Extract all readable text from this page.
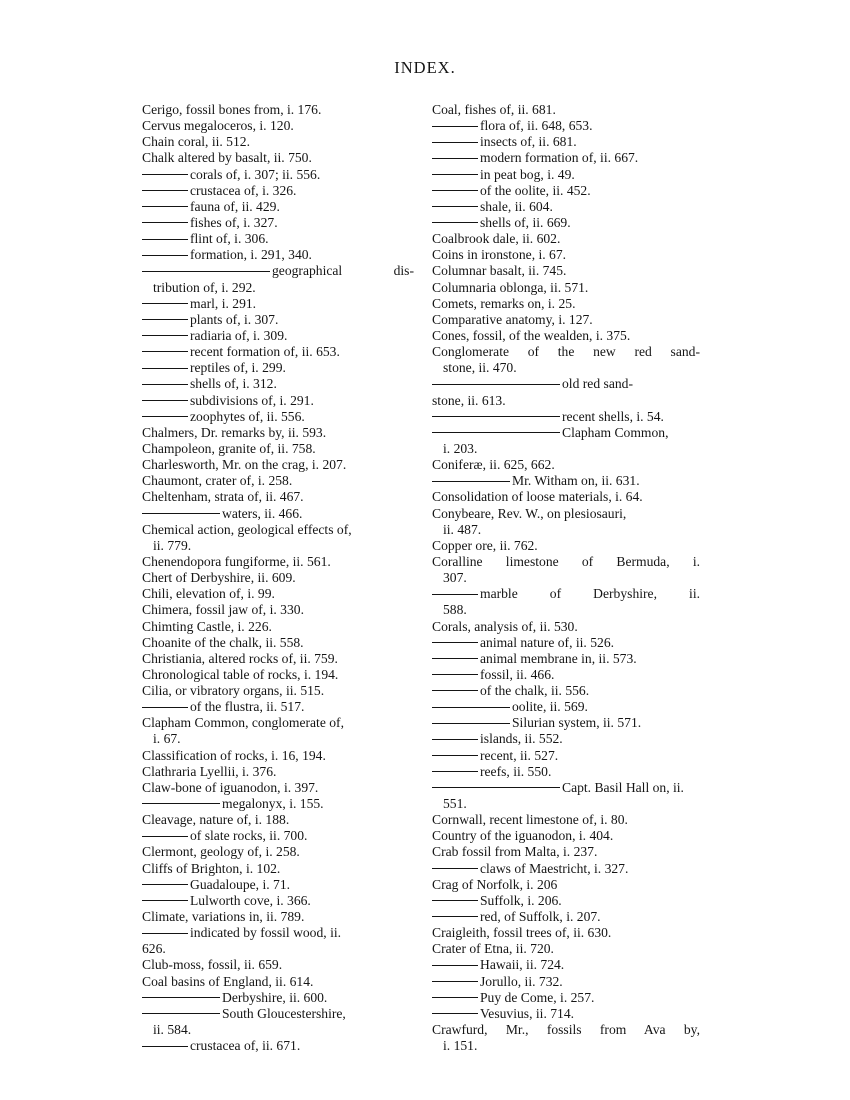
INDEX.
Cerigo, fossil bones from, i. 176.
Cervus megaloceros, i. 120.
Chain coral, ii. 512.
Chalk altered by basalt, ii. 750.
corals of, i. 307; ii. 556.
crustacea of, i. 326.
fauna of, ii. 429.
fishes of, i. 327.
flint of, i. 306.
formation, i. 291, 340.
geographical dis-
tribution of, i. 292.
marl, i. 291.
plants of, i. 307.
radiaria of, i. 309.
recent formation of, ii. 653.
reptiles of, i. 299.
shells of, i. 312.
subdivisions of, i. 291.
zoophytes of, ii. 556.
Chalmers, Dr. remarks by, ii. 593.
Champoleon, granite of, ii. 758.
Charlesworth, Mr. on the crag, i. 207.
Chaumont, crater of, i. 258.
Cheltenham, strata of, ii. 467.
waters, ii. 466.
Chemical action, geological effects of,
ii. 779.
Chenendopora fungiforme, ii. 561.
Chert of Derbyshire, ii. 609.
Chili, elevation of, i. 99.
Chimera, fossil jaw of, i. 330.
Chimting Castle, i. 226.
Choanite of the chalk, ii. 558.
Christiania, altered rocks of, ii. 759.
Chronological table of rocks, i. 194.
Cilia, or vibratory organs, ii. 515.
of the flustra, ii. 517.
Clapham Common, conglomerate of,
i. 67.
Classification of rocks, i. 16, 194.
Clathraria Lyellii, i. 376.
Claw-bone of iguanodon, i. 397.
megalonyx, i. 155.
Cleavage, nature of, i. 188.
of slate rocks, ii. 700.
Clermont, geology of, i. 258.
Cliffs of Brighton, i. 102.
Guadaloupe, i. 71.
Lulworth cove, i. 366.
Climate, variations in, ii. 789.
indicated by fossil wood, ii.
626.
Club-moss, fossil, ii. 659.
Coal basins of England, ii. 614.
Derbyshire, ii. 600.
South Gloucestershire,
ii. 584.
crustacea of, ii. 671.
Coal, fishes of, ii. 681.
flora of, ii. 648, 653.
insects of, ii. 681.
modern formation of, ii. 667.
in peat bog, i. 49.
of the oolite, ii. 452.
shale, ii. 604.
shells of, ii. 669.
Coalbrook dale, ii. 602.
Coins in ironstone, i. 67.
Columnar basalt, ii. 745.
Columnaria oblonga, ii. 571.
Comets, remarks on, i. 25.
Comparative anatomy, i. 127.
Cones, fossil, of the wealden, i. 375.
Conglomerate of the new red sand-
stone, ii. 470.
old red sand-
stone, ii. 613.
recent shells, i. 54.
Clapham Common,
i. 203.
Coniferæ, ii. 625, 662.
Mr. Witham on, ii. 631.
Consolidation of loose materials, i. 64.
Conybeare, Rev. W., on plesiosauri,
ii. 487.
Copper ore, ii. 762.
Coralline limestone of Bermuda, i.
307.
marble of Derbyshire, ii.
588.
Corals, analysis of, ii. 530.
animal nature of, ii. 526.
animal membrane in, ii. 573.
fossil, ii. 466.
of the chalk, ii. 556.
oolite, ii. 569.
Silurian system, ii. 571.
islands, ii. 552.
recent, ii. 527.
reefs, ii. 550.
Capt. Basil Hall on, ii.
551.
Cornwall, recent limestone of, i. 80.
Country of the iguanodon, i. 404.
Crab fossil from Malta, i. 237.
claws of Maestricht, i. 327.
Crag of Norfolk, i. 206
Suffolk, i. 206.
red, of Suffolk, i. 207.
Craigleith, fossil trees of, ii. 630.
Crater of Etna, ii. 720.
Hawaii, ii. 724.
Jorullo, ii. 732.
Puy de Come, i. 257.
Vesuvius, ii. 714.
Crawfurd, Mr., fossils from Ava by,
i. 151.
